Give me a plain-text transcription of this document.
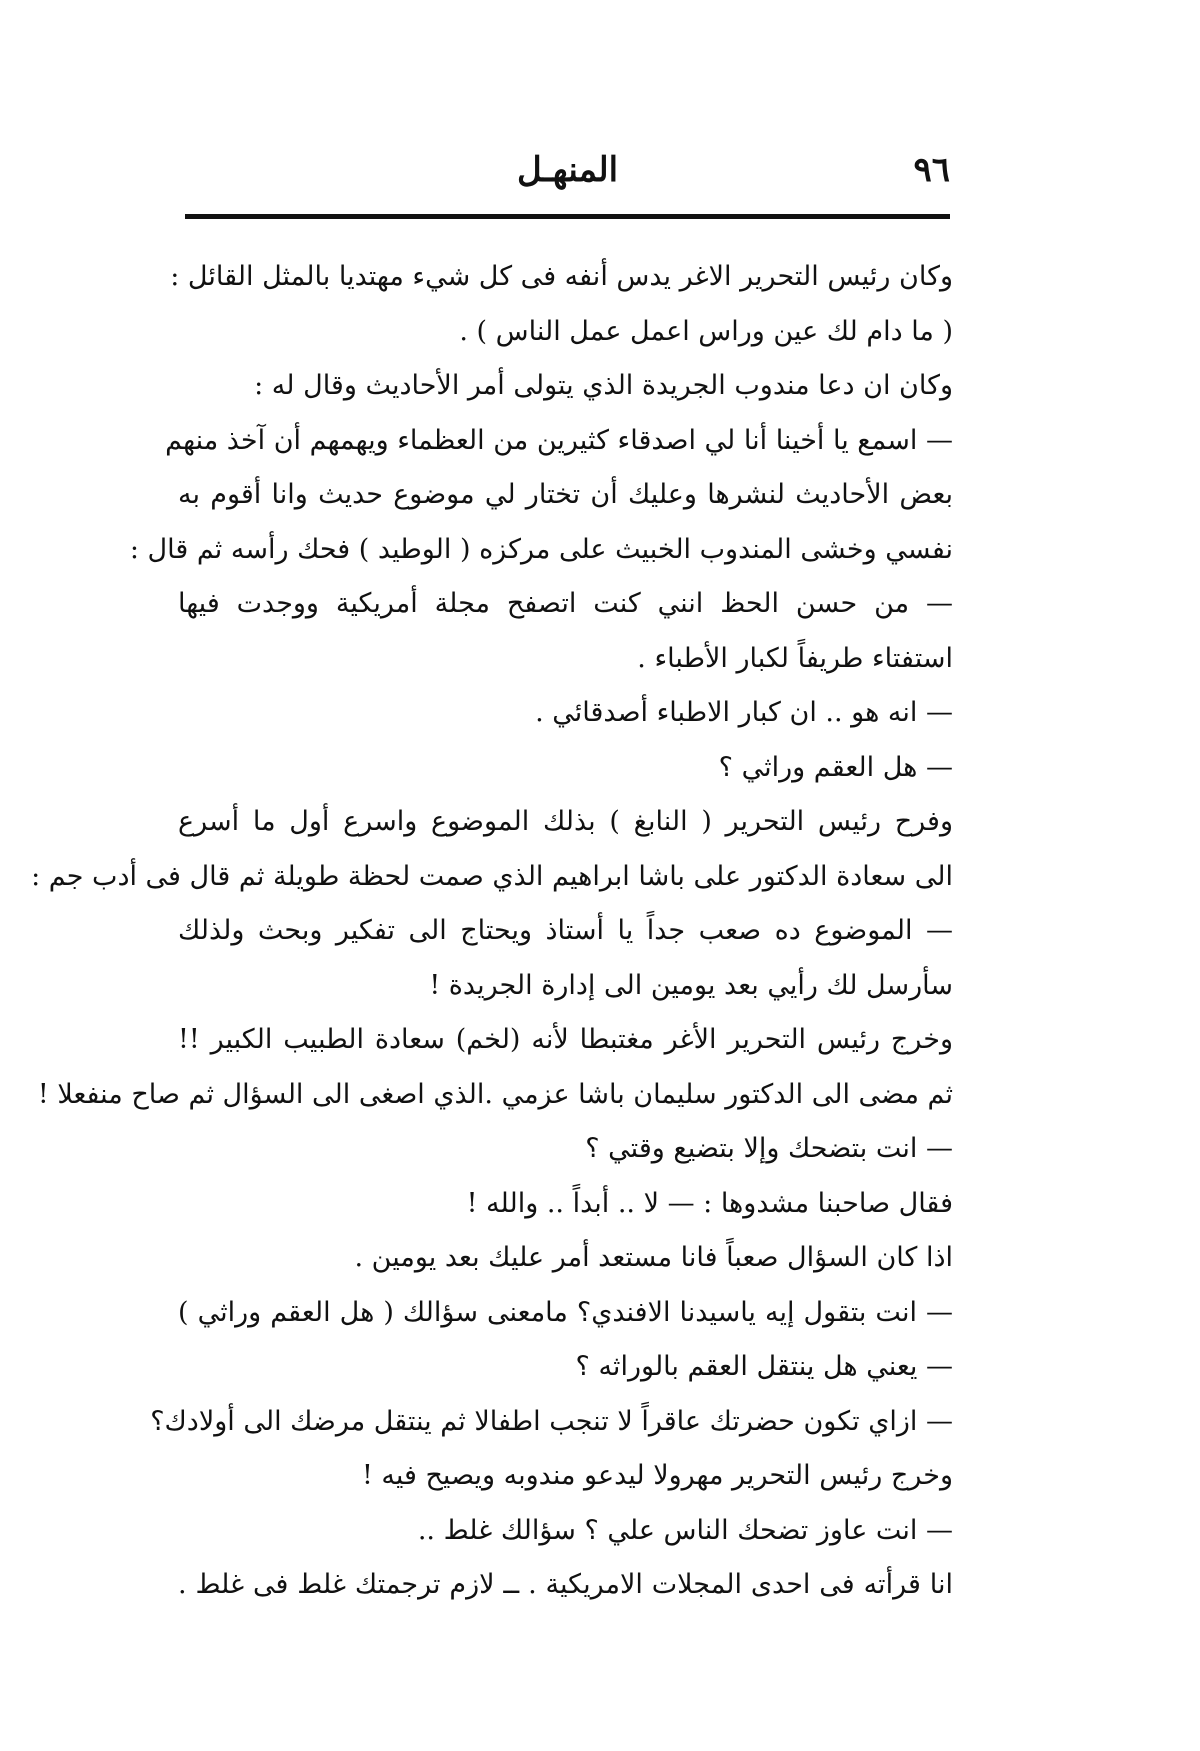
٩٦
المنهـل
وكان رئيس التحرير الاغر يدس أنفه فى كل شيء مهتديا بالمثل القائل :
( ما دام لك عين وراس اعمل عمل الناس ) .
وكان ان دعا مندوب الجريدة الذي يتولى أمر الأحاديث وقال له :
— اسمع يا أخينا أنا لي اصدقاء كثيرين من العظماء ويهمهم أن آخذ منهم
بعض الأحاديث لنشرها وعليك أن تختار لي موضوع حديث وانا أقوم به
نفسي وخشى المندوب الخبيث على مركزه ( الوطيد ) فحك رأسه ثم قال :
— من حسن الحظ انني كنت اتصفح مجلة أمريكية ووجدت فيها
استفتاء طريفاً لكبار الأطباء .
— انه هو .. ان كبار الاطباء أصدقائي .
— هل العقم وراثي ؟
وفرح رئيس التحرير ( النابغ ) بذلك الموضوع واسرع أول ما أسرع
الى سعادة الدكتور على باشا ابراهيم الذي صمت لحظة طويلة ثم قال فى أدب جم :
— الموضوع ده صعب جداً يا أستاذ ويحتاج الى تفكير وبحث ولذلك
سأرسل لك رأيي بعد يومين الى إدارة الجريدة !
وخرج رئيس التحرير الأغر مغتبطا لأنه (لخم) سعادة الطبيب الكبير !!
ثم مضى الى الدكتور سليمان باشا عزمي .الذي اصغى الى السؤال ثم صاح منفعلا !
— انت بتضحك وإلا بتضيع وقتي ؟
فقال صاحبنا مشدوها : — لا .. أبداً .. والله !
اذا كان السؤال صعباً فانا مستعد أمر عليك بعد يومين .
— انت بتقول إيه ياسيدنا الافندي؟ مامعنى سؤالك ( هل العقم وراثي )
— يعني هل ينتقل العقم بالوراثه ؟
— ازاي تكون حضرتك عاقراً لا تنجب اطفالا ثم ينتقل مرضك الى أولادك؟
وخرج رئيس التحرير مهرولا ليدعو مندوبه ويصيح فيه !
— انت عاوز تضحك الناس علي ؟ سؤالك غلط ..
انا قرأته فى احدى المجلات الامريكية . ــ لازم ترجمتك غلط فى غلط .
